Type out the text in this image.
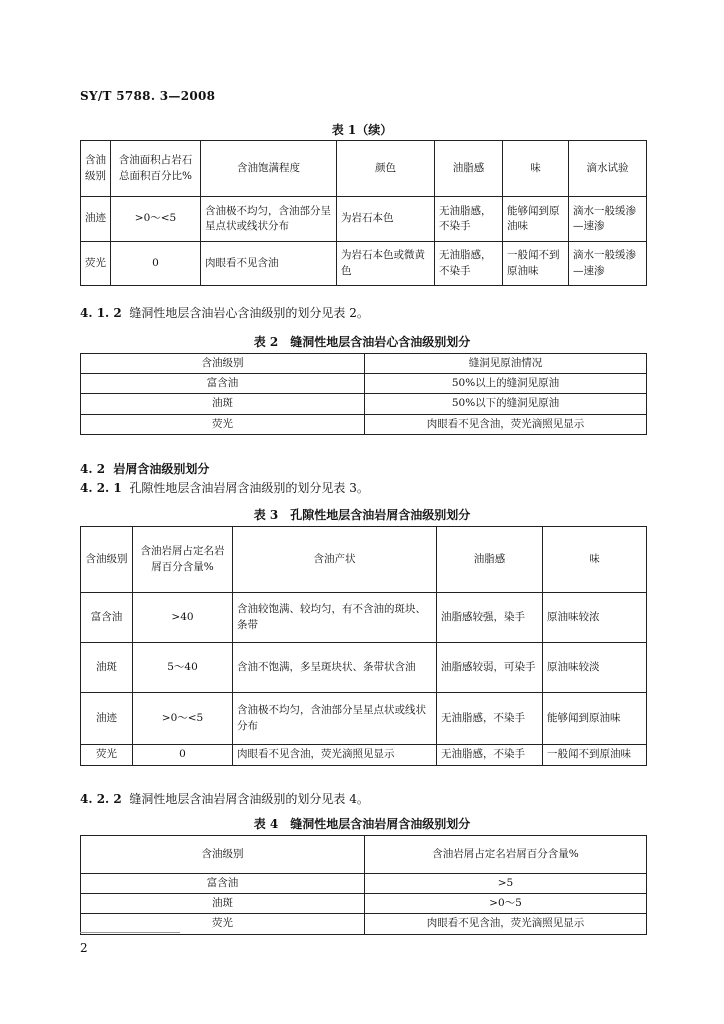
SY/T 5788. 3—2008
表 1（续）
含油级别	含油面积占岩石总面积百分比%	含油饱满程度	颜色	油脂感	味	滴水试验
油迹	>0～<5	含油极不均匀，含油部分呈星点状或线状分布	为岩石本色	无油脂感，不染手	能够闻到原油味	滴水一般缓渗—速渗
荧光	0	肉眼看不见含油	为岩石本色或微黄色	无油脂感，不染手	一般闻不到原油味	滴水一般缓渗—速渗
4. 1. 2 缝洞性地层含油岩心含油级别的划分见表 2。
表 2　缝洞性地层含油岩心含油级别划分
含油级别	缝洞见原油情况
富含油	50%以上的缝洞见原油
油斑	50%以下的缝洞见原油
荧光	肉眼看不见含油，荧光滴照见显示
4. 2 岩屑含油级别划分
4. 2. 1 孔隙性地层含油岩屑含油级别的划分见表 3。
表 3　孔隙性地层含油岩屑含油级别划分
含油级别	含油岩屑占定名岩屑百分含量%	含油产状	油脂感	味
富含油	>40	含油较饱满、较均匀，有不含油的斑块、条带	油脂感较强，染手	原油味较浓
油斑	5～40	含油不饱满，多呈斑块状、条带状含油	油脂感较弱，可染手	原油味较淡
油迹	>0～<5	含油极不均匀，含油部分呈星点状或线状分布	无油脂感，不染手	能够闻到原油味
荧光	0	肉眼看不见含油，荧光滴照见显示	无油脂感，不染手	一般闻不到原油味
4. 2. 2 缝洞性地层含油岩屑含油级别的划分见表 4。
表 4　缝洞性地层含油岩屑含油级别划分
含油级别	含油岩屑占定名岩屑百分含量%
富含油	>5
油斑	>0～5
荧光	肉眼看不见含油，荧光滴照见显示
2
